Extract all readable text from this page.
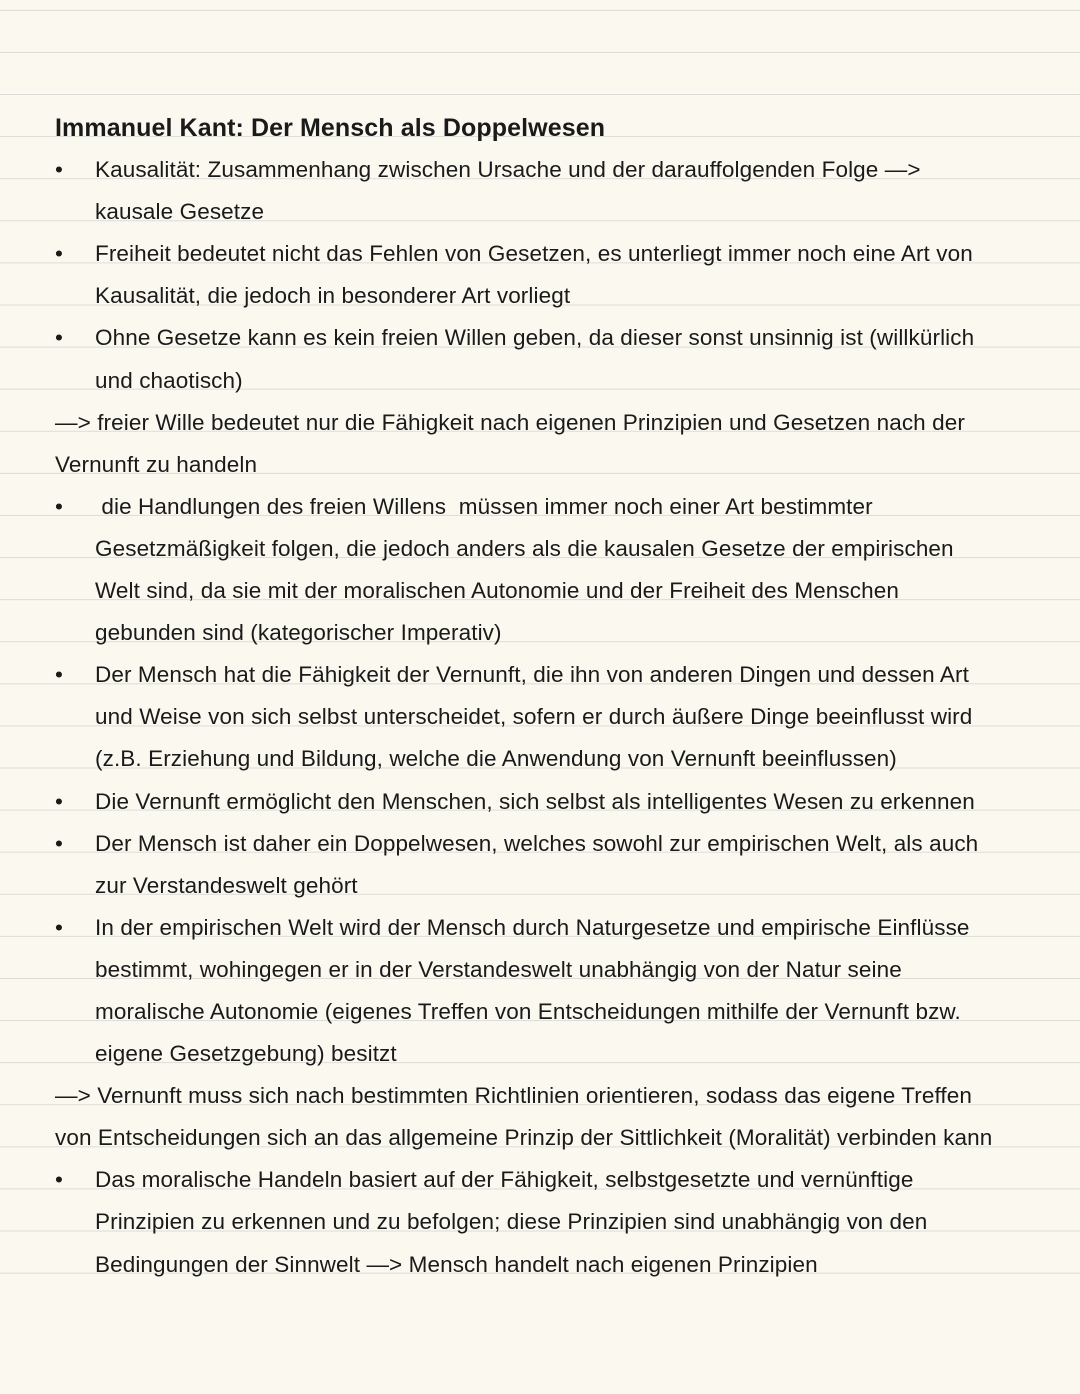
Immanuel Kant: Der Mensch als Doppelwesen
• Kausalität: Zusammenhang zwischen Ursache und der darauffolgenden Folge —>
kausale Gesetze
• Freiheit bedeutet nicht das Fehlen von Gesetzen, es unterliegt immer noch eine Art von
Kausalität, die jedoch in besonderer Art vorliegt
• Ohne Gesetze kann es kein freien Willen geben, da dieser sonst unsinnig ist (willkürlich
und chaotisch)
—> freier Wille bedeutet nur die Fähigkeit nach eigenen Prinzipien und Gesetzen nach der
Vernunft zu handeln
• die Handlungen des freien Willens  müssen immer noch einer Art bestimmter
Gesetzmäßigkeit folgen, die jedoch anders als die kausalen Gesetze der empirischen
Welt sind, da sie mit der moralischen Autonomie und der Freiheit des Menschen
gebunden sind (kategorischer Imperativ)
• Der Mensch hat die Fähigkeit der Vernunft, die ihn von anderen Dingen und dessen Art
und Weise von sich selbst unterscheidet, sofern er durch äußere Dinge beeinflusst wird
(z.B. Erziehung und Bildung, welche die Anwendung von Vernunft beeinflussen)
• Die Vernunft ermöglicht den Menschen, sich selbst als intelligentes Wesen zu erkennen
• Der Mensch ist daher ein Doppelwesen, welches sowohl zur empirischen Welt, als auch
zur Verstandeswelt gehört
• In der empirischen Welt wird der Mensch durch Naturgesetze und empirische Einflüsse
bestimmt, wohingegen er in der Verstandeswelt unabhängig von der Natur seine
moralische Autonomie (eigenes Treffen von Entscheidungen mithilfe der Vernunft bzw.
eigene Gesetzgebung) besitzt
—> Vernunft muss sich nach bestimmten Richtlinien orientieren, sodass das eigene Treffen
von Entscheidungen sich an das allgemeine Prinzip der Sittlichkeit (Moralität) verbinden kann
• Das moralische Handeln basiert auf der Fähigkeit, selbstgesetzte und vernünftige
Prinzipien zu erkennen und zu befolgen; diese Prinzipien sind unabhängig von den
Bedingungen der Sinnwelt —> Mensch handelt nach eigenen Prinzipien
